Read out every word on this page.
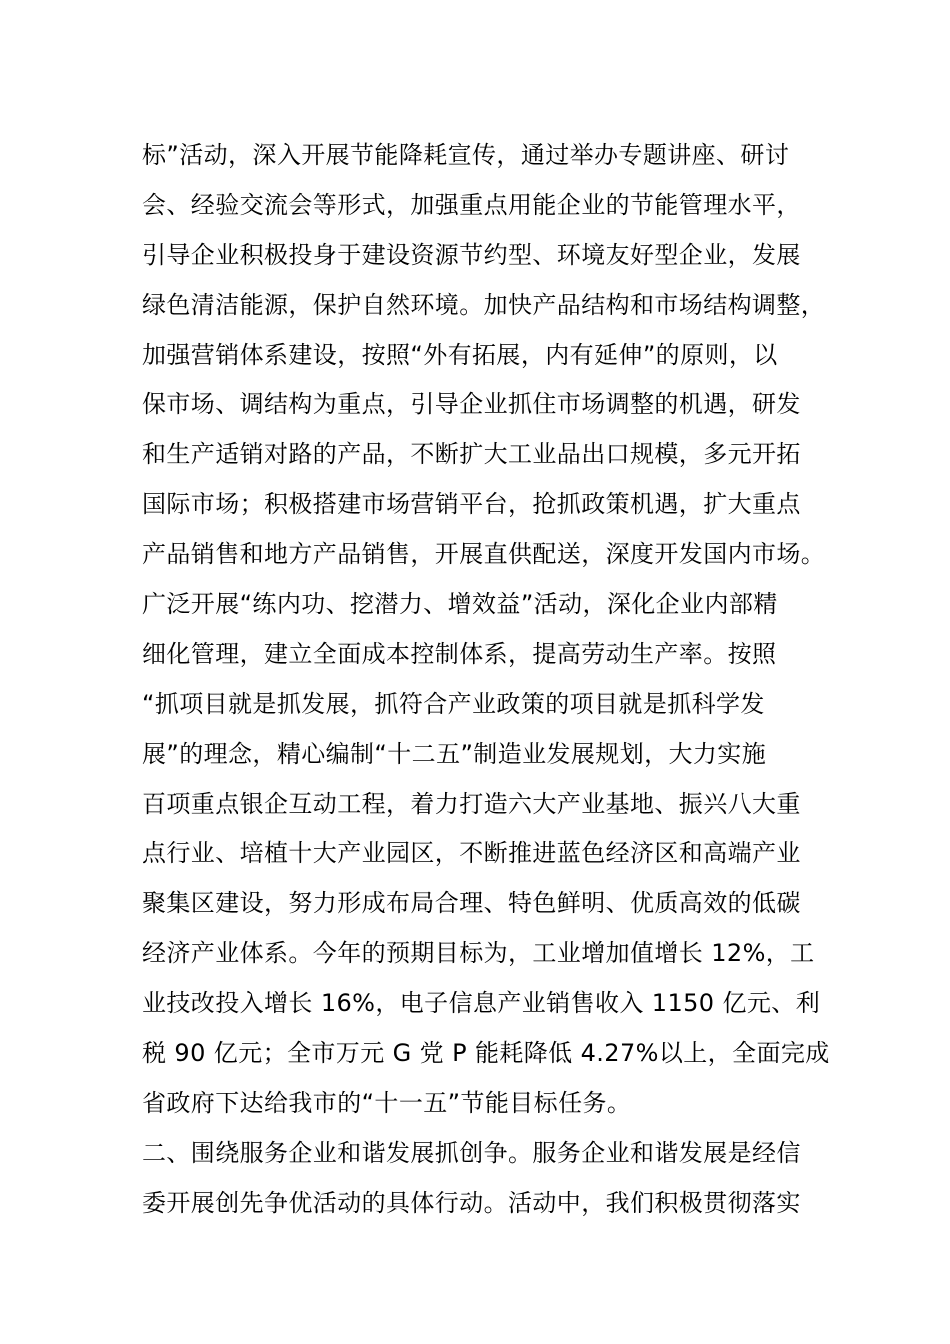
标”活动，深入开展节能降耗宣传，通过举办专题讲座、研讨
会、经验交流会等形式，加强重点用能企业的节能管理水平，
引导企业积极投身于建设资源节约型、环境友好型企业，发展
绿色清洁能源，保护自然环境。加快产品结构和市场结构调整，
加强营销体系建设，按照“外有拓展，内有延伸”的原则，以
保市场、调结构为重点，引导企业抓住市场调整的机遇，研发
和生产适销对路的产品，不断扩大工业品出口规模，多元开拓
国际市场；积极搭建市场营销平台，抢抓政策机遇，扩大重点
产品销售和地方产品销售，开展直供配送，深度开发国内市场。
广泛开展“练内功、挖潜力、增效益”活动，深化企业内部精
细化管理，建立全面成本控制体系，提高劳动生产率。按照
“抓项目就是抓发展，抓符合产业政策的项目就是抓科学发
展”的理念，精心编制“十二五”制造业发展规划，大力实施
百项重点银企互动工程，着力打造六大产业基地、振兴八大重
点行业、培植十大产业园区，不断推进蓝色经济区和高端产业
聚集区建设，努力形成布局合理、特色鲜明、优质高效的低碳
经济产业体系。今年的预期目标为，工业增加值增长 12%，工
业技改投入增长 16%，电子信息产业销售收入 1150 亿元、利
税 90 亿元；全市万元 G 党 P 能耗降低 4.27%以上，全面完成
省政府下达给我市的“十一五”节能目标任务。
二、围绕服务企业和谐发展抓创争。服务企业和谐发展是经信
委开展创先争优活动的具体行动。活动中，我们积极贯彻落实
